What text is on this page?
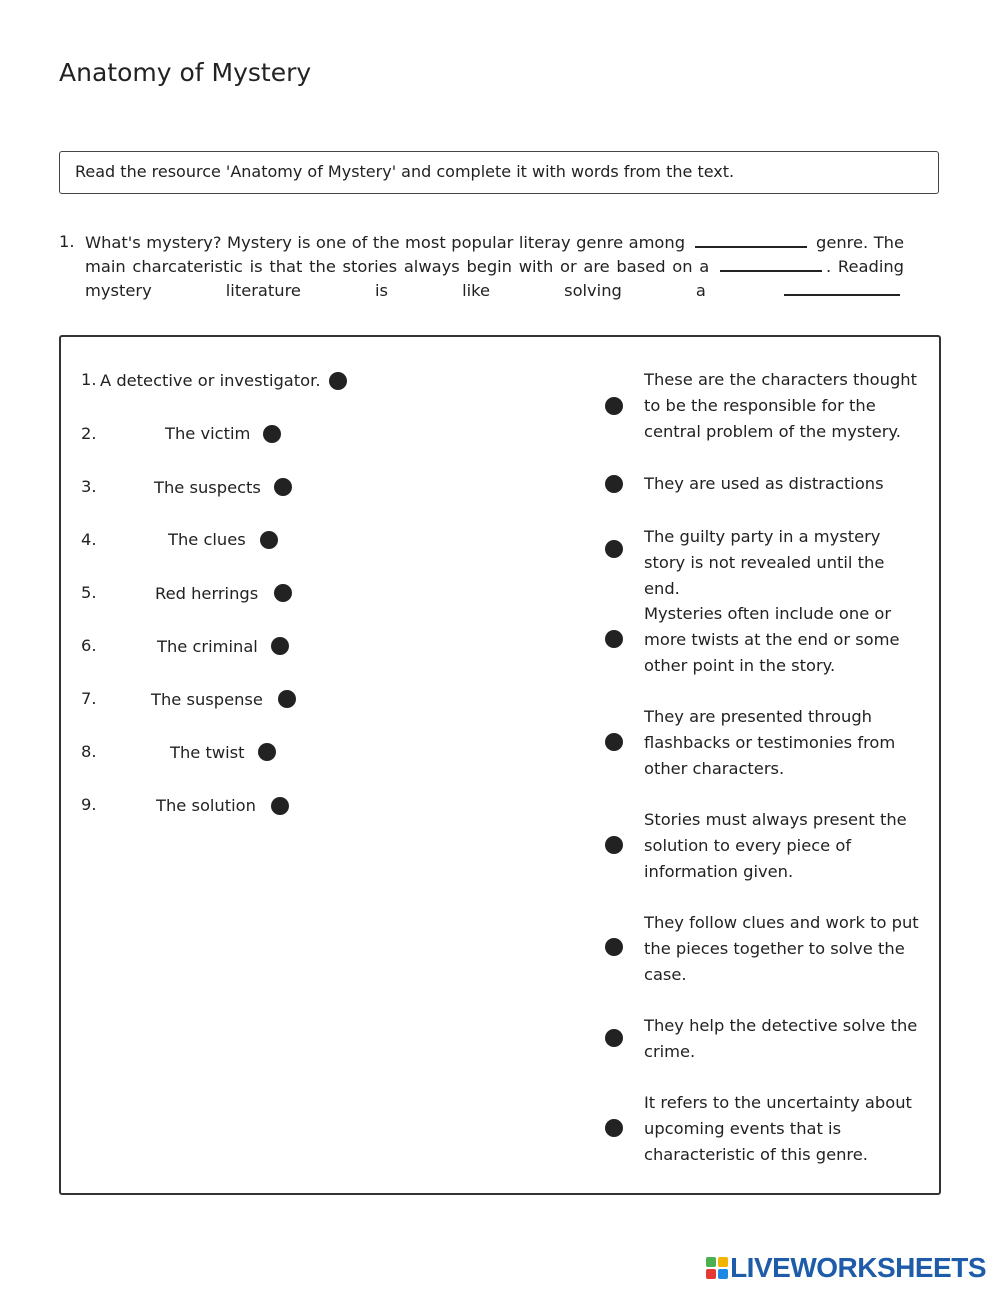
Anatomy of Mystery
Read the resource 'Anatomy of Mystery' and complete it with words from the text.
1. What's mystery? Mystery is one of the most popular literay genre among	genre. The main charcateristic is that the stories always begin with or are based on a	. Reading mystery literature is like solving a
1. A detective or investigator.
2.	The victim
3.	The suspects
4.	The clues
5.	Red herrings
6.	The criminal
7.	The suspense
8.	The twist
9.	The solution
These are the characters thought to be the responsible for the central problem of the mystery.
They are used as distractions
The guilty party in a mystery story is not revealed until the end.
Mysteries often include one or more twists at the end or some other point in the story.
They are presented through flashbacks or testimonies from other characters.
Stories must always present the solution to every piece of information given.
They follow clues and work to put the pieces together to solve the case.
They help the detective solve the crime.
It refers to the uncertainty about upcoming events that is characteristic of this genre.
LIVEWORKSHEETS
